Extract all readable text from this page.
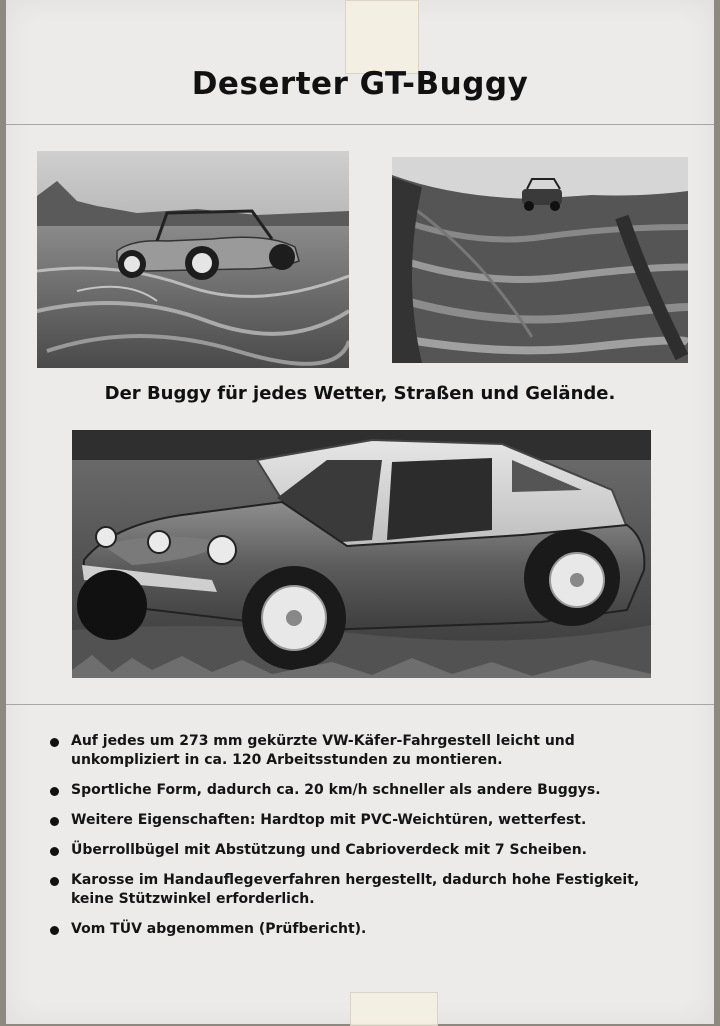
Deserter GT-Buggy
Der Buggy für jedes Wetter, Straßen und Gelände.
Auf jedes um 273 mm gekürzte VW-Käfer-Fahrgestell leicht und unkompliziert in ca. 120 Arbeitsstunden zu montieren.
Sportliche Form, dadurch ca. 20 km/h schneller als andere Buggys.
Weitere Eigenschaften: Hardtop mit PVC-Weichtüren, wetterfest.
Überrollbügel mit Abstützung und Cabrioverdeck mit 7 Scheiben.
Karosse im Handauflegeverfahren hergestellt, dadurch hohe Festigkeit, keine Stützwinkel erforderlich.
Vom TÜV abgenommen (Prüfbericht).
